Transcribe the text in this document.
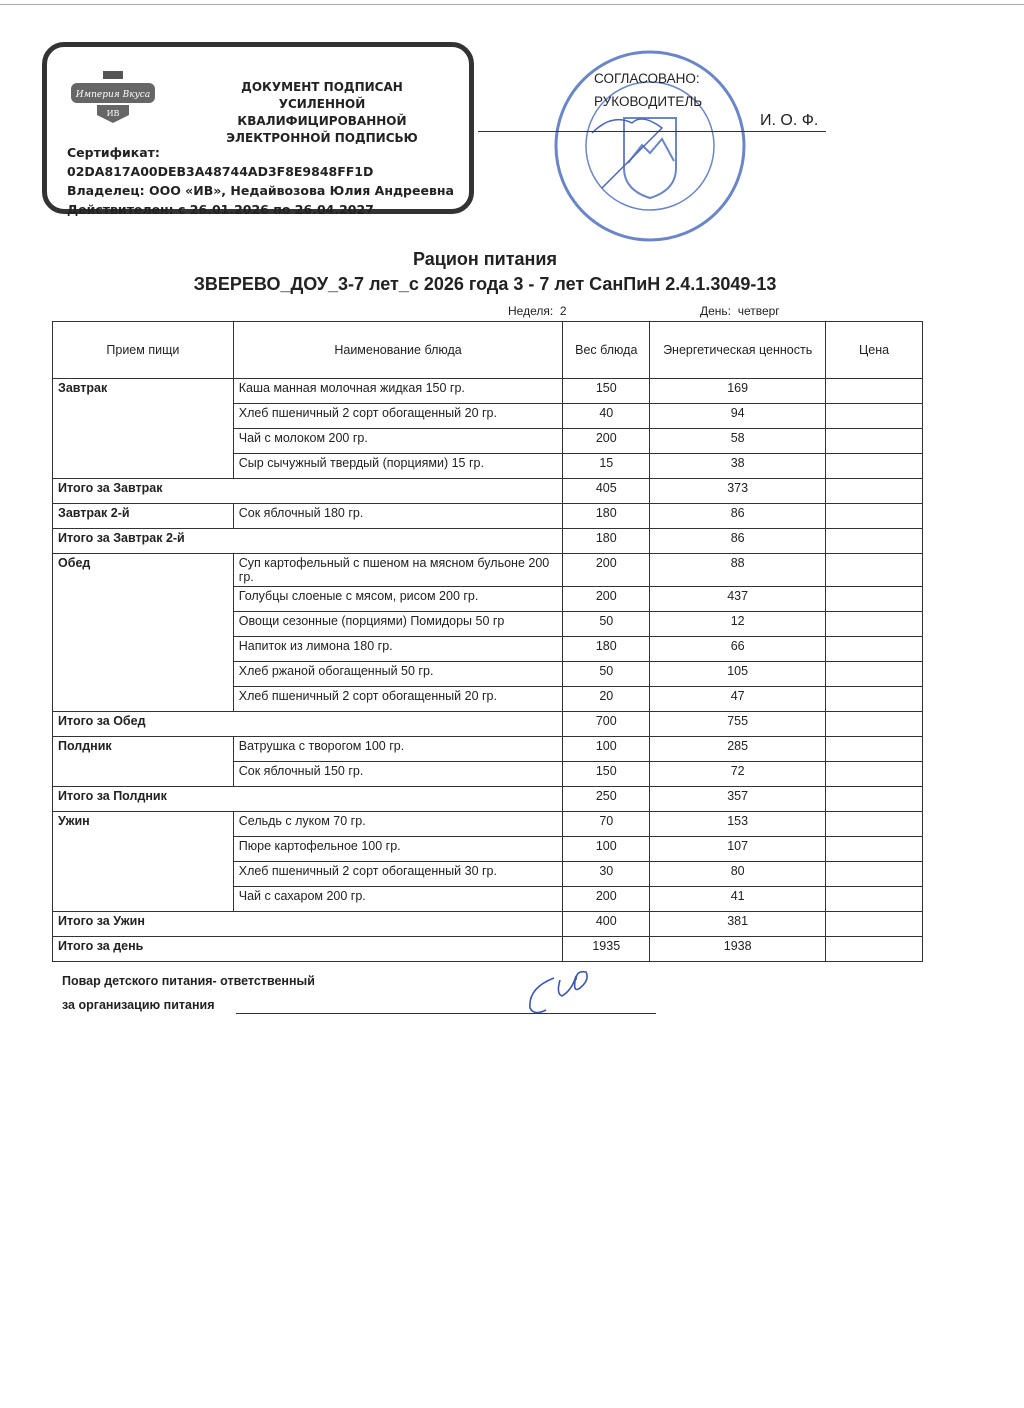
Империя Вкуса
ИВ
ДОКУМЕНТ ПОДПИСАН
УСИЛЕННОЙ КВАЛИФИЦИРОВАННОЙ
ЭЛЕКТРОННОЙ ПОДПИСЬЮ
Сертификат: 02DA817A00DEB3A48744AD3F8E9848FF1D
Владелец: ООО «ИВ», Недайвозова Юлия Андреевна
Действителен: с 26.01.2026 по 26.04.2027
СОГЛАСОВАНО:
РУКОВОДИТЕЛЬ
И. О. Ф.
Рацион питания
ЗВЕРЕВО_ДОУ_3-7 лет_с 2026 года 3 - 7 лет СанПиН 2.4.1.3049-13
Неделя: 2	День: четверг
Прием пищи	Наименование блюда	Вес блюда	Энергетическая ценность	Цена
Завтрак	Каша манная молочная жидкая 150 гр.	150	169	
	Хлеб пшеничный 2 сорт обогащенный 20 гр.	40	94	
	Чай с молоком 200 гр.	200	58	
	Сыр сычужный твердый (порциями) 15 гр.	15	38	
Итого за Завтрак		405	373	
Завтрак 2-й	Сок яблочный 180 гр.	180	86	
Итого за Завтрак 2-й		180	86	
Обед	Суп картофельный с пшеном на мясном бульоне 200 гр.	200	88	
	Голубцы слоеные с мясом, рисом 200 гр.	200	437	
	Овощи сезонные (порциями) Помидоры 50 гр	50	12	
	Напиток из лимона 180 гр.	180	66	
	Хлеб ржаной обогащенный 50 гр.	50	105	
	Хлеб пшеничный 2 сорт обогащенный 20 гр.	20	47	
Итого за Обед		700	755	
Полдник	Ватрушка с творогом 100 гр.	100	285	
	Сок яблочный 150 гр.	150	72	
Итого за Полдник		250	357	
Ужин	Сельдь с луком 70 гр.	70	153	
	Пюре картофельное 100 гр.	100	107	
	Хлеб пшеничный 2 сорт обогащенный 30 гр.	30	80	
	Чай с сахаром 200 гр.	200	41	
Итого за Ужин		400	381	
Итого за день		1935	1938	
Повар детского питания- ответственный
за организацию питания
